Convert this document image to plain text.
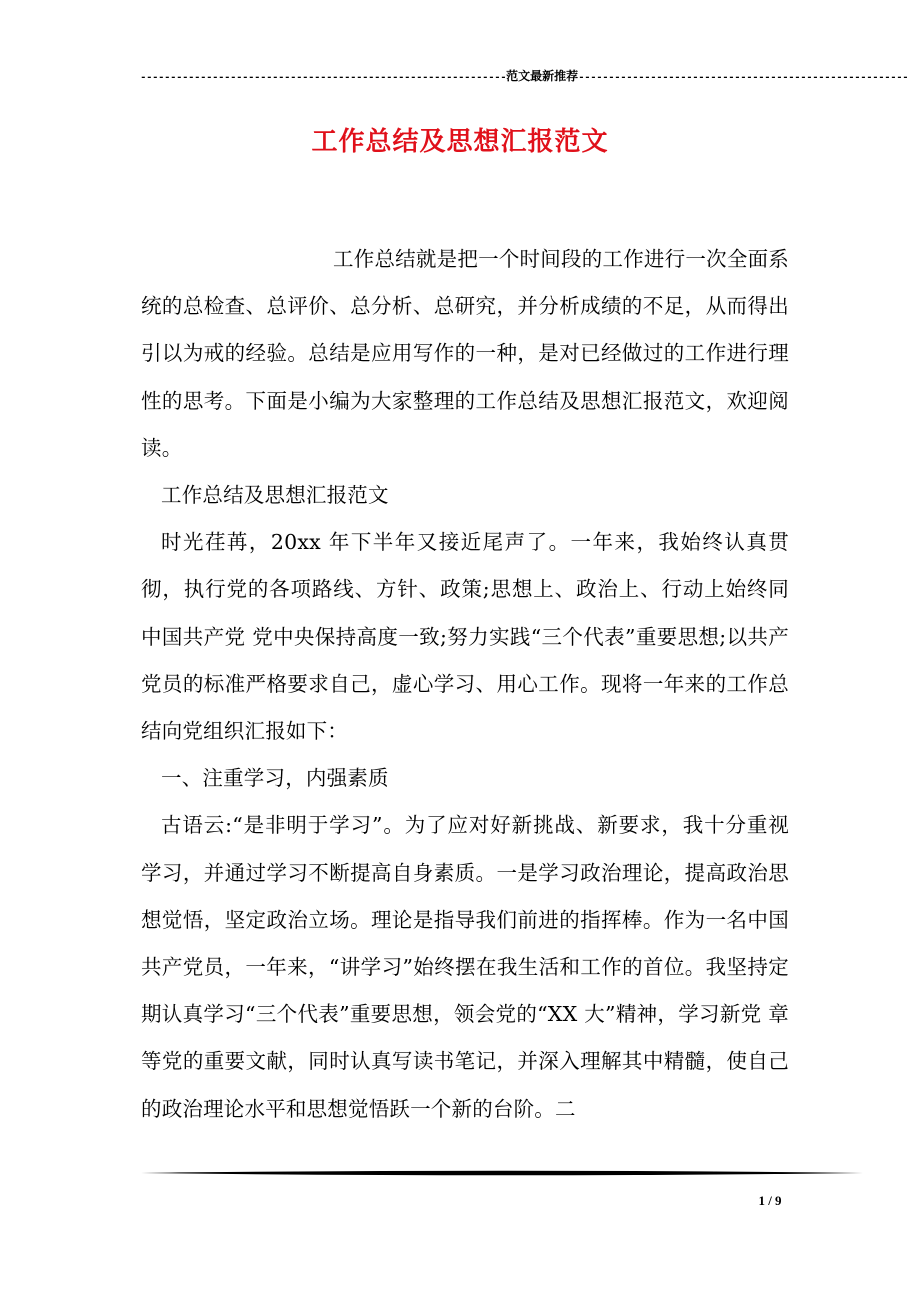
-------------------------------------------------------------范文最新推荐-------------------------------------------------------
工作总结及思想汇报范文

工作总结就是把一个时间段的工作进行一次全面系统的总检查、总评价、总分析、总研究，并分析成绩的不足，从而得出引以为戒的经验。总结是应用写作的一种，是对已经做过的工作进行理性的思考。下面是小编为大家整理的工作总结及思想汇报范文，欢迎阅读。

工作总结及思想汇报范文

时光荏苒，20xx 年下半年又接近尾声了。一年来，我始终认真贯彻，执行党的各项路线、方针、政策;思想上、政治上、行动上始终同中国共产党 党中央保持高度一致;努力实践“三个代表”重要思想;以共产党员的标准严格要求自己，虚心学习、用心工作。现将一年来的工作总结向党组织汇报如下：

一、注重学习，内强素质

古语云:“是非明于学习”。为了应对好新挑战、新要求，我十分重视学习，并通过学习不断提高自身素质。一是学习政治理论，提高政治思想觉悟，坚定政治立场。理论是指导我们前进的指挥棒。作为一名中国共产党员，一年来，“讲学习”始终摆在我生活和工作的首位。我坚持定期认真学习“三个代表”重要思想，领会党的“XX 大”精神，学习新党 章等党的重要文献，同时认真写读书笔记，并深入理解其中精髓，使自己的政治理论水平和思想觉悟跃一个新的台阶。二

1 / 9
